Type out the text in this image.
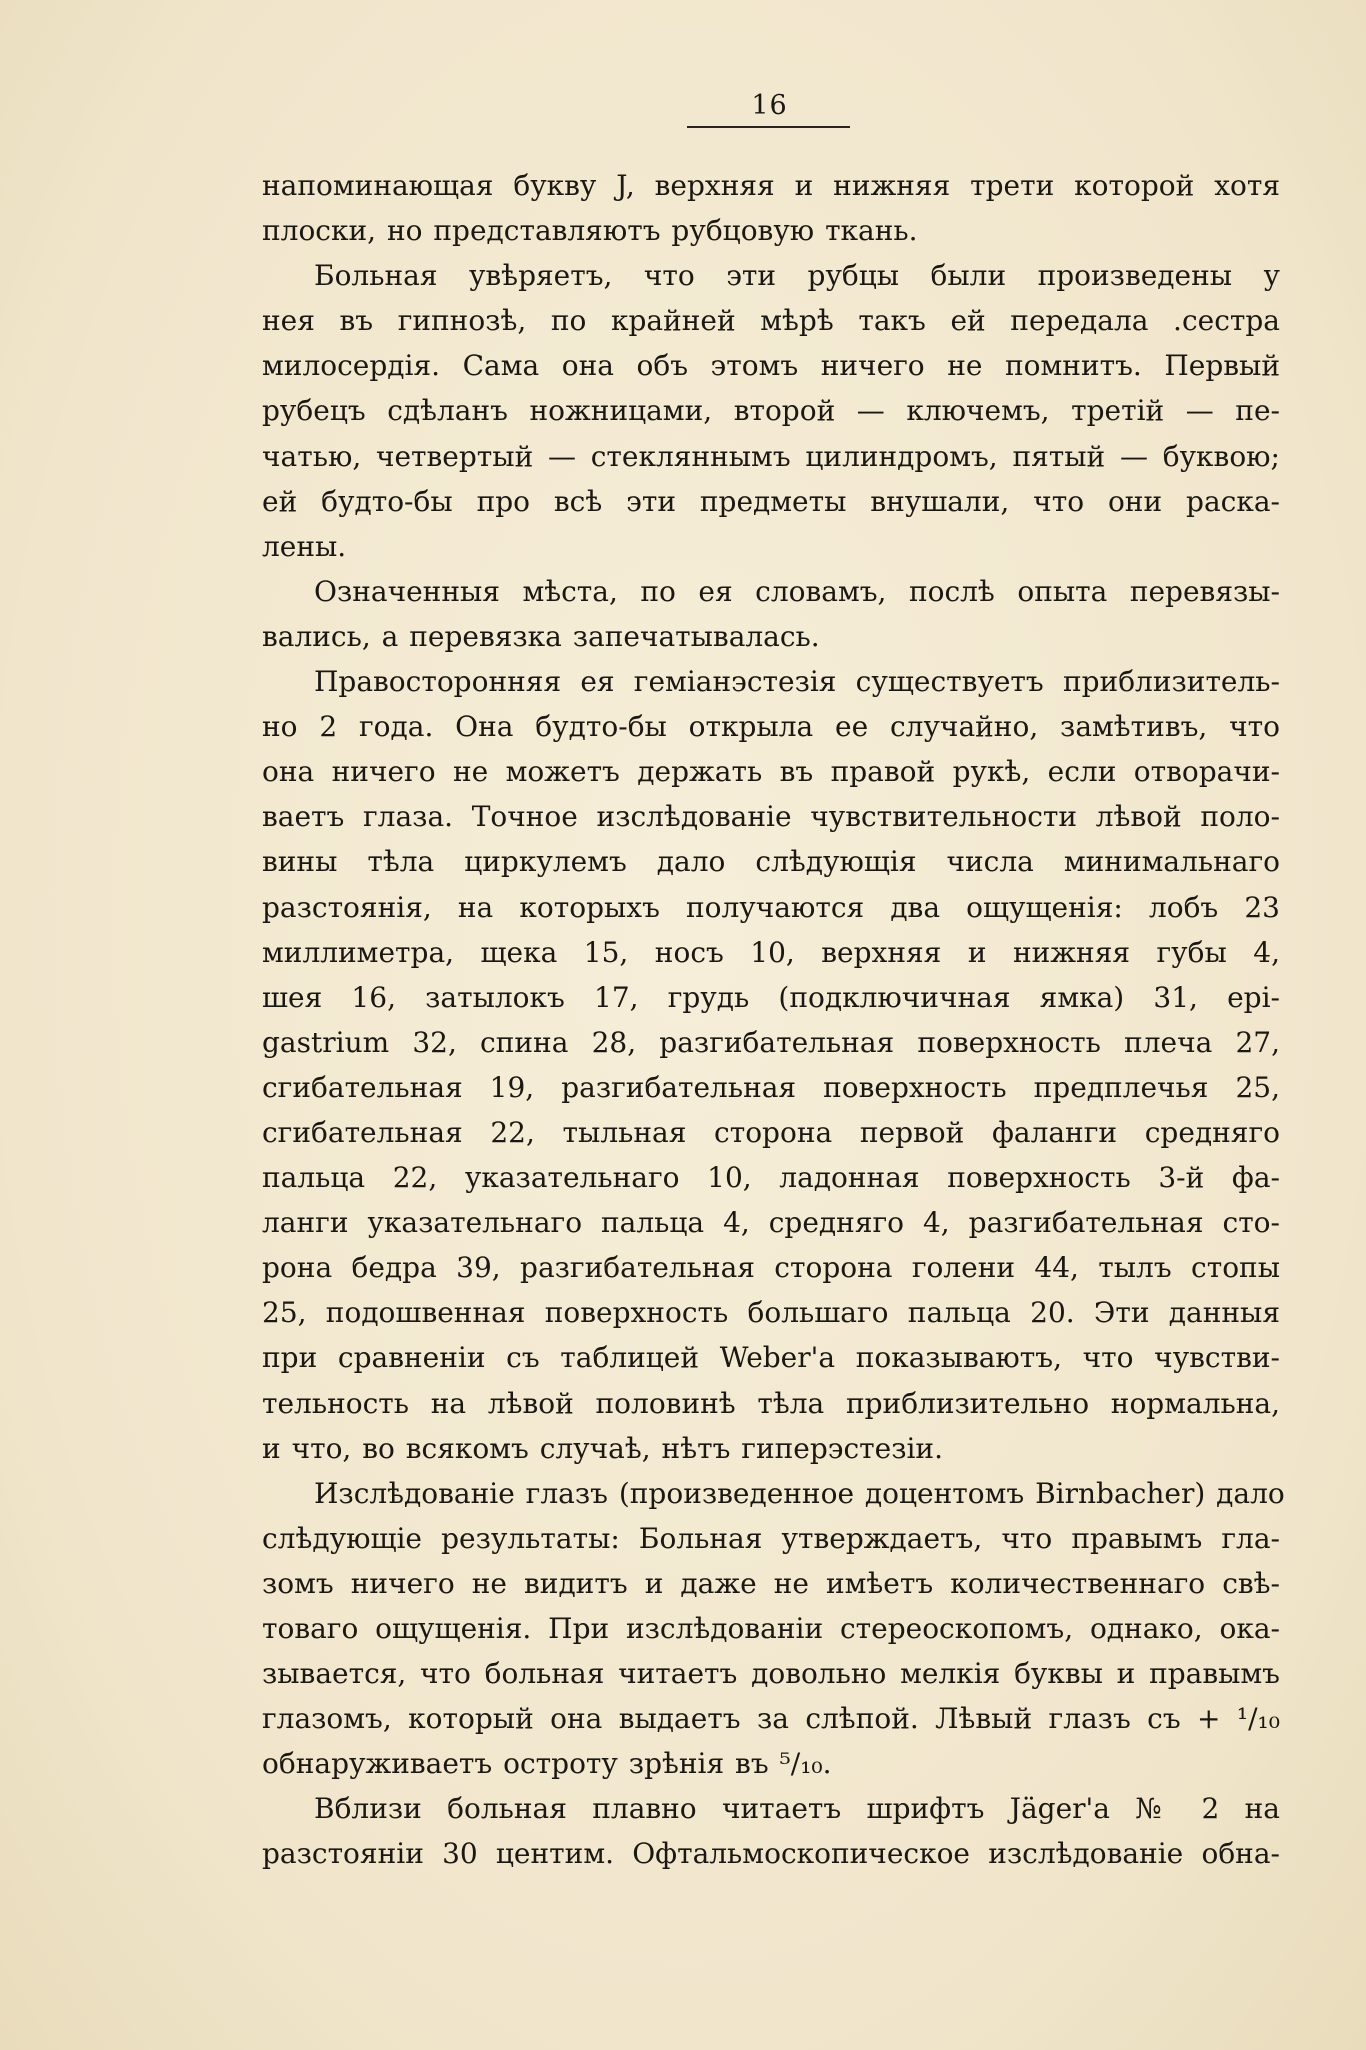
16
напоминающая букву J, верхняя и нижняя трети которой хотя
плоски, но представляютъ рубцовую ткань.
Больная увѣряетъ, что эти рубцы были произведены у
нея въ гипнозѣ, по крайней мѣрѣ такъ ей передала .сестра
милосердія. Сама она объ этомъ ничего не помнитъ. Первый
рубецъ сдѣланъ ножницами, второй — ключемъ, третій — пе-
чатью, четвертый — стекляннымъ цилиндромъ, пятый — буквою;
ей будто-бы про всѣ эти предметы внушали, что они раска-
лены.
Означенныя мѣста, по ея словамъ, послѣ опыта перевязы-
вались, а перевязка запечатывалась.
Правосторонняя ея геміанэстезія существуетъ приблизитель-
но 2 года. Она будто-бы открыла ее случайно, замѣтивъ, что
она ничего не можетъ держать въ правой рукѣ, если отворачи-
ваетъ глаза. Точное изслѣдованіе чувствительности лѣвой поло-
вины тѣла циркулемъ дало слѣдующія числа минимальнаго
разстоянія, на которыхъ получаются два ощущенія: лобъ 23
миллиметра, щека 15, носъ 10, верхняя и нижняя губы 4,
шея 16, затылокъ 17, грудь (подключичная ямка) 31, epi-
gastrium 32, спина 28, разгибательная поверхность плеча 27,
сгибательная 19, разгибательная поверхность предплечья 25,
сгибательная 22, тыльная сторона первой фаланги средняго
пальца 22, указательнаго 10, ладонная поверхность 3-й фа-
ланги указательнаго пальца 4, средняго 4, разгибательная сто-
рона бедра 39, разгибательная сторона голени 44, тылъ стопы
25, подошвенная поверхность большаго пальца 20. Эти данныя
при сравненіи съ таблицей Weber'а показываютъ, что чувстви-
тельность на лѣвой половинѣ тѣла приблизительно нормальна,
и что, во всякомъ случаѣ, нѣтъ гиперэстезіи.
Изслѣдованіе глазъ (произведенное доцентомъ Birnbacher) дало
слѣдующіе результаты: Больная утверждаетъ, что правымъ гла-
зомъ ничего не видитъ и даже не имѣетъ количественнаго свѣ-
товаго ощущенія. При изслѣдованіи стереоскопомъ, однако, ока-
зывается, что больная читаетъ довольно мелкія буквы и правымъ
глазомъ, который она выдаетъ за слѣпой. Лѣвый глазъ съ + ¹/₁₀
обнаруживаетъ остроту зрѣнія въ ⁵/₁₀.
Вблизи больная плавно читаетъ шрифтъ Jäger'а № 2 на
разстояніи 30 центим. Офтальмоскопическое изслѣдованіе обна-
